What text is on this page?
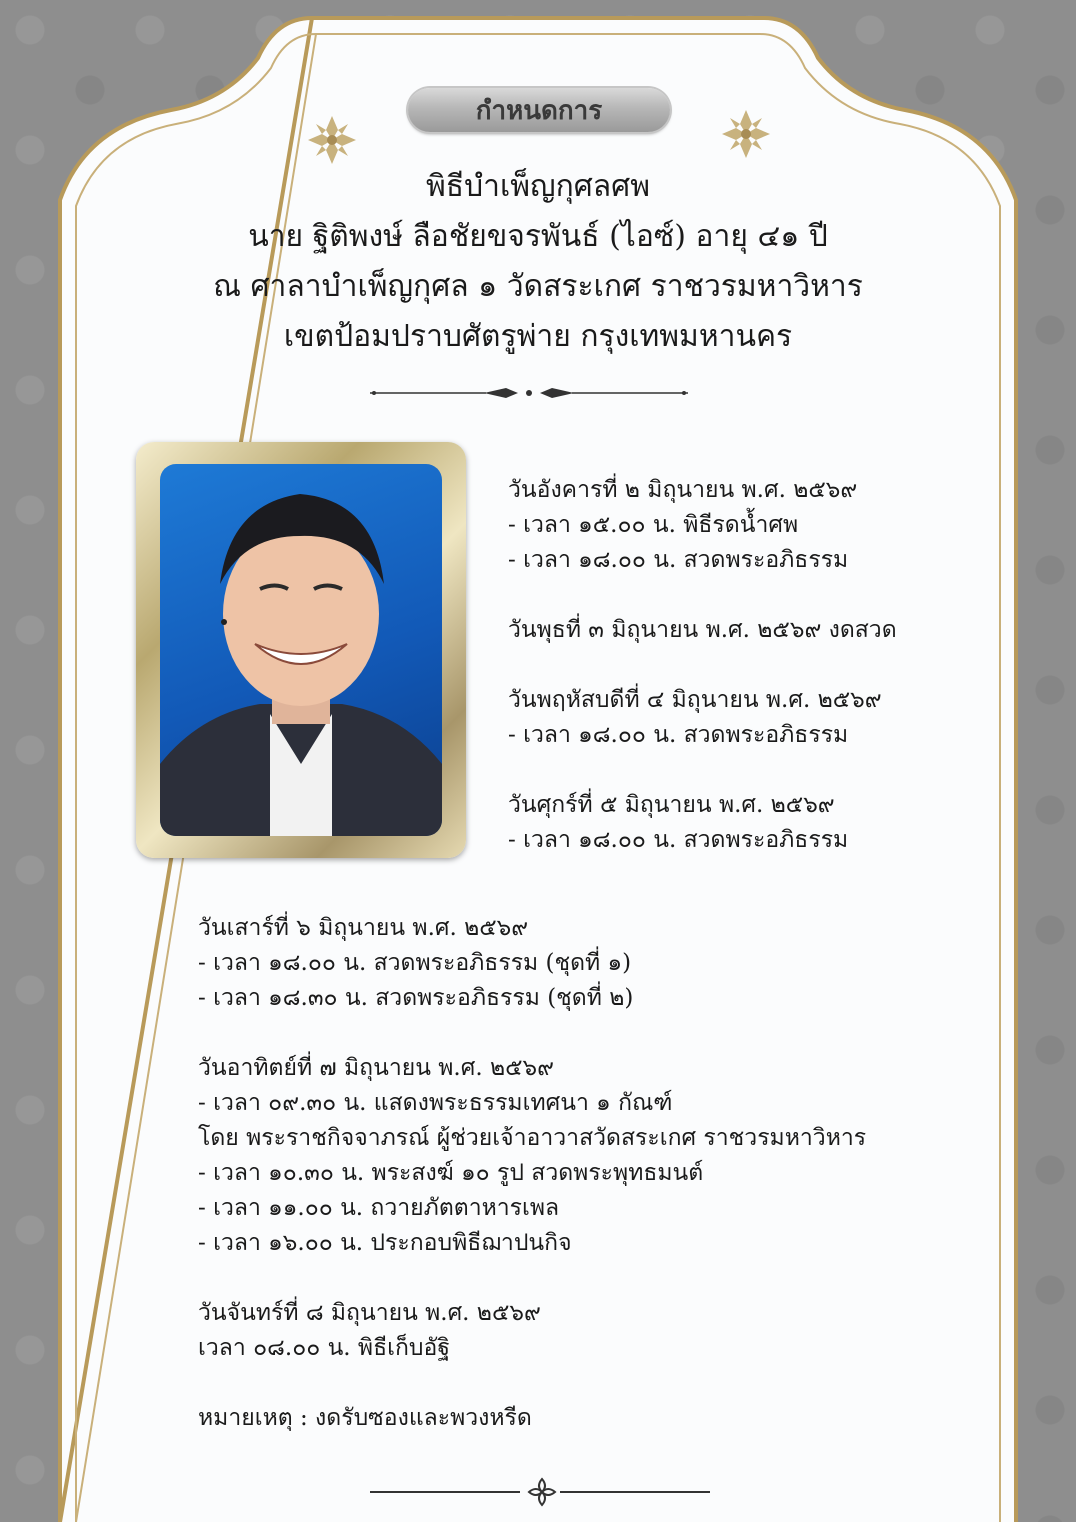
กำหนดการ
พิธีบำเพ็ญกุศลศพ
นาย ฐิติพงษ์ ลือชัยขจรพันธ์ (ไอซ์) อายุ ๔๑ ปี
ณ ศาลาบำเพ็ญกุศล ๑ วัดสระเกศ ราชวรมหาวิหาร
เขตป้อมปราบศัตรูพ่าย กรุงเทพมหานคร
วันอังคารที่ ๒ มิถุนายน พ.ศ. ๒๕๖๙
- เวลา ๑๕.๐๐ น. พิธีรดน้ำศพ
- เวลา ๑๘.๐๐ น. สวดพระอภิธรรม
วันพุธที่ ๓ มิถุนายน พ.ศ. ๒๕๖๙ งดสวด
วันพฤหัสบดีที่ ๔ มิถุนายน พ.ศ. ๒๕๖๙
- เวลา ๑๘.๐๐ น. สวดพระอภิธรรม
วันศุกร์ที่ ๕ มิถุนายน พ.ศ. ๒๕๖๙
- เวลา ๑๘.๐๐ น. สวดพระอภิธรรม
วันเสาร์ที่ ๖ มิถุนายน พ.ศ. ๒๕๖๙
- เวลา ๑๘.๐๐ น. สวดพระอภิธรรม (ชุดที่ ๑)
- เวลา ๑๘.๓๐ น. สวดพระอภิธรรม (ชุดที่ ๒)
วันอาทิตย์ที่ ๗ มิถุนายน พ.ศ. ๒๕๖๙
- เวลา ๐๙.๓๐ น. แสดงพระธรรมเทศนา ๑ กัณฑ์
โดย พระราชกิจจาภรณ์ ผู้ช่วยเจ้าอาวาสวัดสระเกศ ราชวรมหาวิหาร
- เวลา ๑๐.๓๐ น. พระสงฆ์ ๑๐ รูป สวดพระพุทธมนต์
- เวลา ๑๑.๐๐ น. ถวายภัตตาหารเพล
- เวลา ๑๖.๐๐ น. ประกอบพิธีฌาปนกิจ
วันจันทร์ที่ ๘ มิถุนายน พ.ศ. ๒๕๖๙
เวลา ๐๘.๐๐ น. พิธีเก็บอัฐิ
หมายเหตุ : งดรับซองและพวงหรีด
